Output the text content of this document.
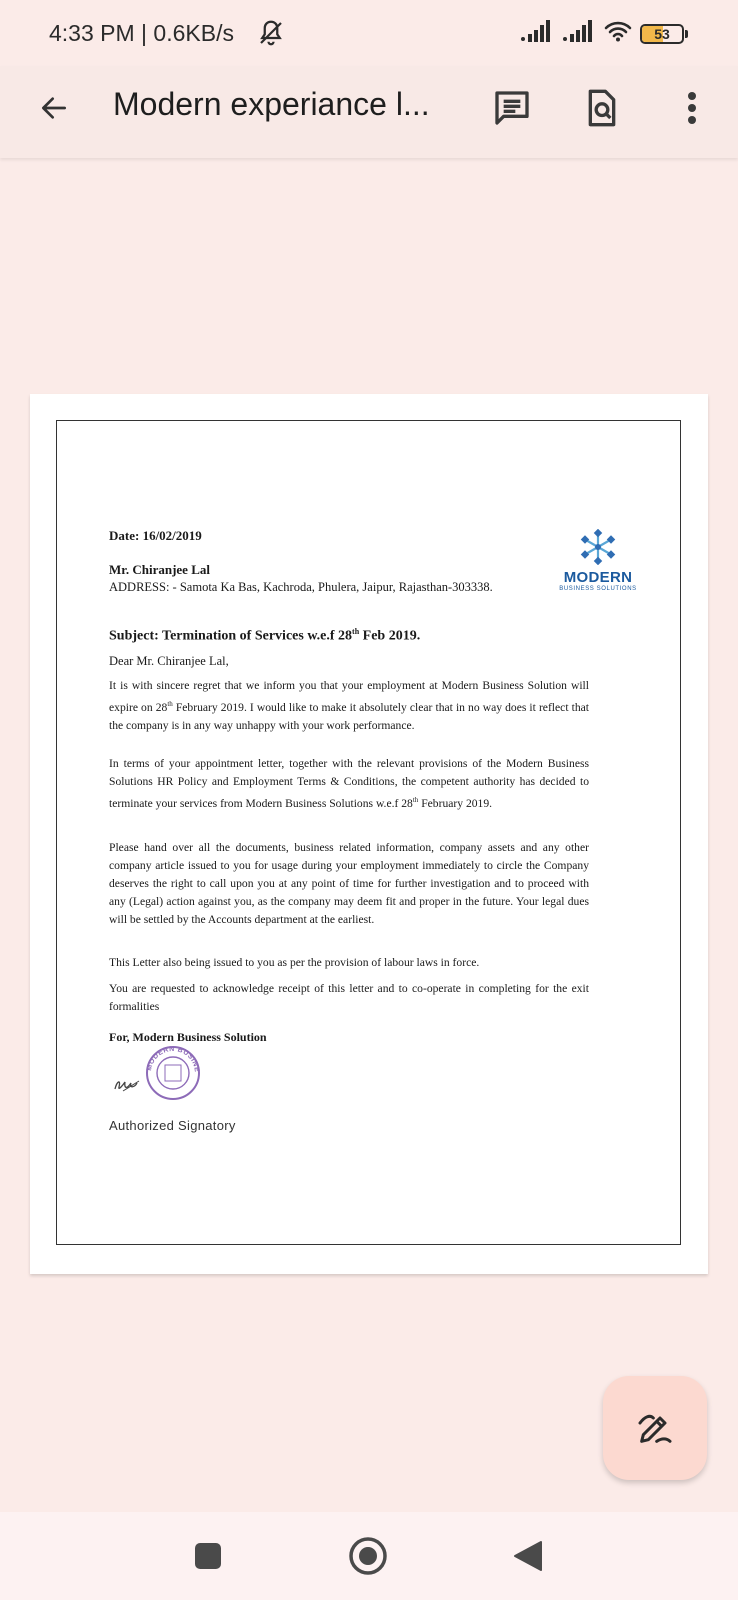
4:33 PM | 0.6KB/s	53
Modern experiance l...
MODERN
BUSINESS SOLUTIONS
Date: 16/02/2019
Mr. Chiranjee Lal
ADDRESS: - Samota Ka Bas, Kachroda, Phulera, Jaipur, Rajasthan-303338.
Subject: Termination of Services w.e.f 28th Feb 2019.
Dear Mr. Chiranjee Lal,
It is with sincere regret that we inform you that your employment at Modern Business Solution will expire on 28th February 2019. I would like to make it absolutely clear that in no way does it reflect that the company is in any way unhappy with your work performance.
In terms of your appointment letter, together with the relevant provisions of the Modern Business Solutions HR Policy and Employment Terms & Conditions, the competent authority has decided to terminate your services from Modern Business Solutions w.e.f 28th February 2019.
Please hand over all the documents, business related information, company assets and any other company article issued to you for usage during your employment immediately to circle the Company deserves the right to call upon you at any point of time for further investigation and to proceed with any (Legal) action against you, as the company may deem fit and proper in the future. Your legal dues will be settled by the Accounts department at the earliest.
This Letter also being issued to you as per the provision of labour laws in force.
You are requested to acknowledge receipt of this letter and to co-operate in completing for the exit formalities
For, Modern Business Solution
MODERN BUSINE
Authorized Signatory
